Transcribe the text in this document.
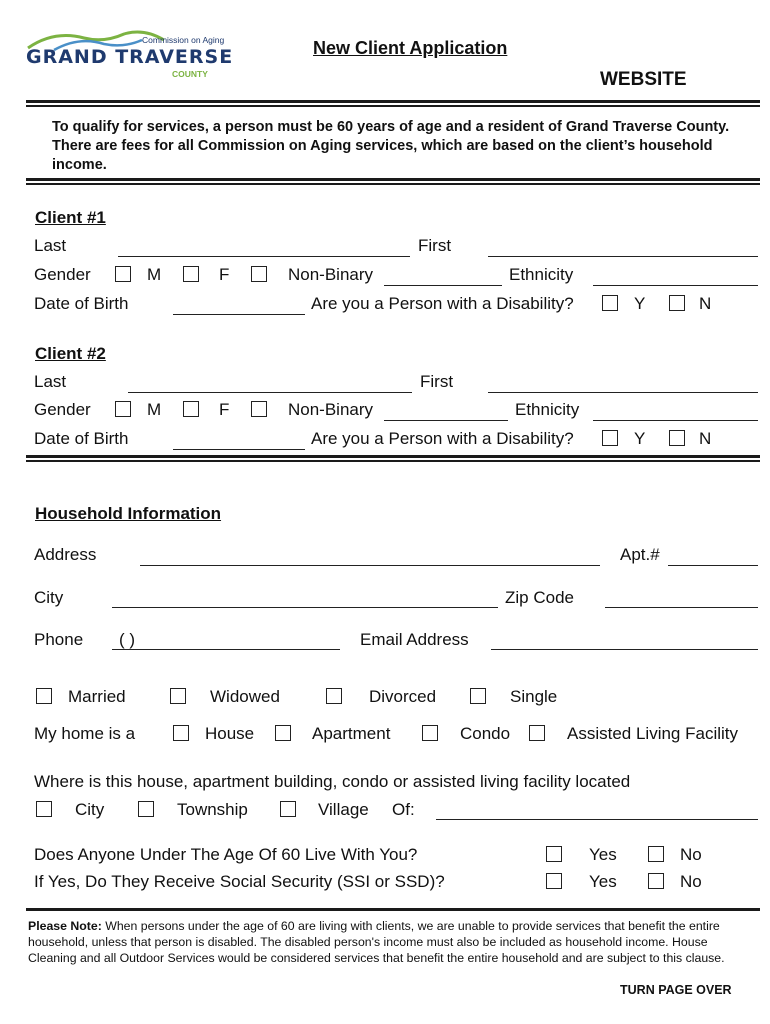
Commission on Aging
GRAND TRAVERSE
COUNTY
New Client Application
WEBSITE
To qualify for services, a person must be 60 years of age and a resident of Grand Traverse County. There are fees for all Commission on Aging services, which are based on the client’s household income.
Client #1
Last	First
Gender	M	F	Non-Binary	Ethnicity
Date of Birth	Are you a Person with a Disability?	Y	N
Client #2
Last	First
Gender	M	F	Non-Binary	Ethnicity
Date of Birth	Are you a Person with a Disability?	Y	N
Household Information
Address	Apt.#
City	Zip Code
Phone ( )	Email Address
Married	Widowed	Divorced	Single
My home is a	House	Apartment	Condo	Assisted Living Facility
Where is this house, apartment building, condo or assisted living facility located
City	Township	Village Of:
Does Anyone Under The Age Of 60 Live With You?	Yes	No
If Yes, Do They Receive Social Security (SSI or SSD)?	Yes	No
Please Note: When persons under the age of 60 are living with clients, we are unable to provide services that benefit the entire household, unless that person is disabled. The disabled person's income must also be included as household income. House Cleaning and all Outdoor Services would be considered services that benefit the entire household and are subject to this clause.
TURN PAGE OVER
